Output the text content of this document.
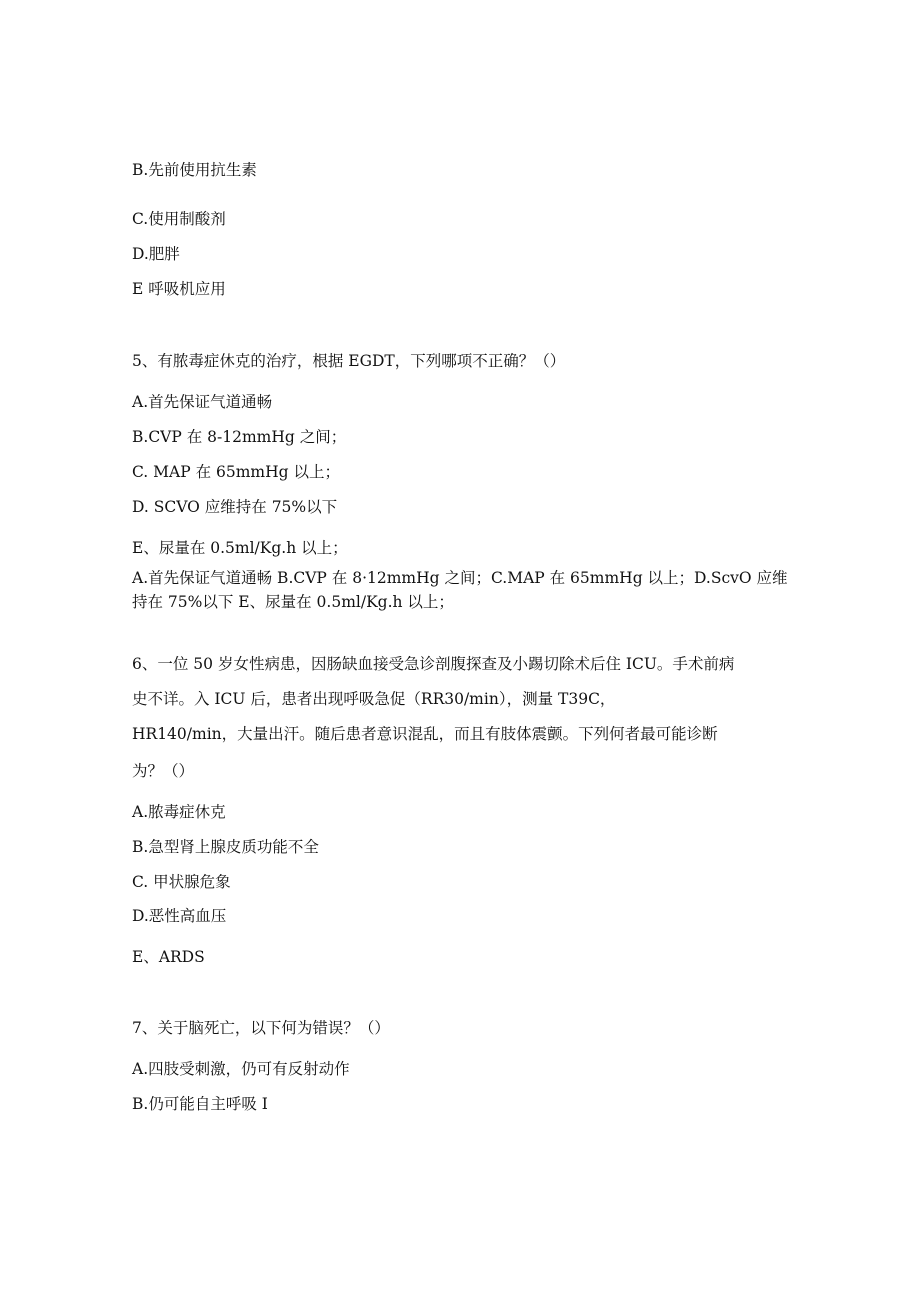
B.先前使用抗生素
C.使用制酸剂
D.肥胖
E 呼吸机应用
5、有脓毒症休克的治疗，根据 EGDT，下列哪项不正确？（）
A.首先保证气道通畅
B.CVP 在 8-12mmHg 之间；
C. MAP 在 65mmHg 以上；
D. SCVO 应维持在 75%以下
E、尿量在 0.5ml/Kg.h 以上；
A.首先保证气道通畅 B.CVP 在 8·12mmHg 之间；C.MAP 在 65mmHg 以上；D.ScvO 应维
持在 75%以下 E、尿量在 0.5ml/Kg.h 以上；
6、一位 50 岁女性病患，因肠缺血接受急诊剖腹探查及小踢切除术后住 ICU。手术前病
史不详。入 ICU 后，患者出现呼吸急促（RR30/min），测量 T39C，
HR140/min，大量出汗。随后患者意识混乱，而且有肢体震颤。下列何者最可能诊断
为？（）
A.脓毒症休克
B.急型肾上腺皮质功能不全
C. 甲状腺危象
D.恶性高血压
E、ARDS
7、关于脑死亡，以下何为错误？（）
A.四肢受刺激，仍可有反射动作
B.仍可能自主呼吸 I
